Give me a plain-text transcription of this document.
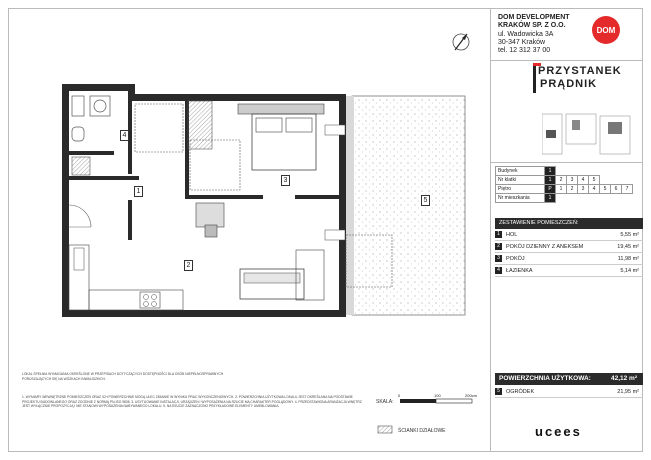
DOM DEVELOPMENT
KRAKÓW SP. Z O.O.
ul. Wadowicka 3A
30-347 Kraków
tel. 12 312 37 00
DOM
PRZYSTANEK
PRĄDNIK
Budynek	1							
Nr klatki	1	2	3	4	5			
Piętro	P	1	2	3	4	5	6	7
Nr mieszkania	1							
ZESTAWIENIE POMIESZCZEŃ:
1 HOL	5,55 m²
2 POKÓJ DZIENNY Z ANEKSEM	19,45 m²
3 POKÓJ	11,98 m²
4 ŁAZIENKA	5,14 m²
POWIERZCHNIA UŻYTKOWA:	42,12 m²
5 OGRÓDEK	21,95 m²
ucees
4
1
3
2
5
SKALA:
0	100	200cm
ŚCIANKI DZIAŁOWE
LOKAL SPEŁNIA WYMAGANIA OKREŚLONE W PRZEPISACH DOTYCZĄCYCH DOSTĘPNOŚCI DLA OSÓB NIEPEŁNOSPRAWNYCH PORUSZAJĄCYCH SIĘ NA WÓZKACH INWALIDZKICH.
1. WYMIARY WEWNĘTRZNE POMIESZCZEŃ ORAZ ICH POWIERZCHNIE MOGĄ ULEC ZMIANIE W WYNIKU PRAC WYKOŃCZENIOWYCH. 2. POWIERZCHNIA UŻYTKOWA LOKALU JEST OKREŚLANA NA PODSTAWIE PROJEKTU BUDOWLANEGO ORAZ ZGODNIE Z NORMĄ PN-ISO 9836. 3. USYTUOWANIE INSTALACJI, URZĄDZEŃ I WYPOSAŻENIA NA RZUCIE MA CHARAKTER POGLĄDOWY. 4. PRZEDSTAWIONA ARANŻACJA WNĘTRZ JEST WYŁĄCZNIE PROPOZYCJĄ I NIE STANOWI WYPOSAŻENIA NABYWANEGO LOKALU. 5. NA RZUCIE ZAZNACZONO PRZYKŁADOWE ELEMENTY UMEBLOWANIA.
